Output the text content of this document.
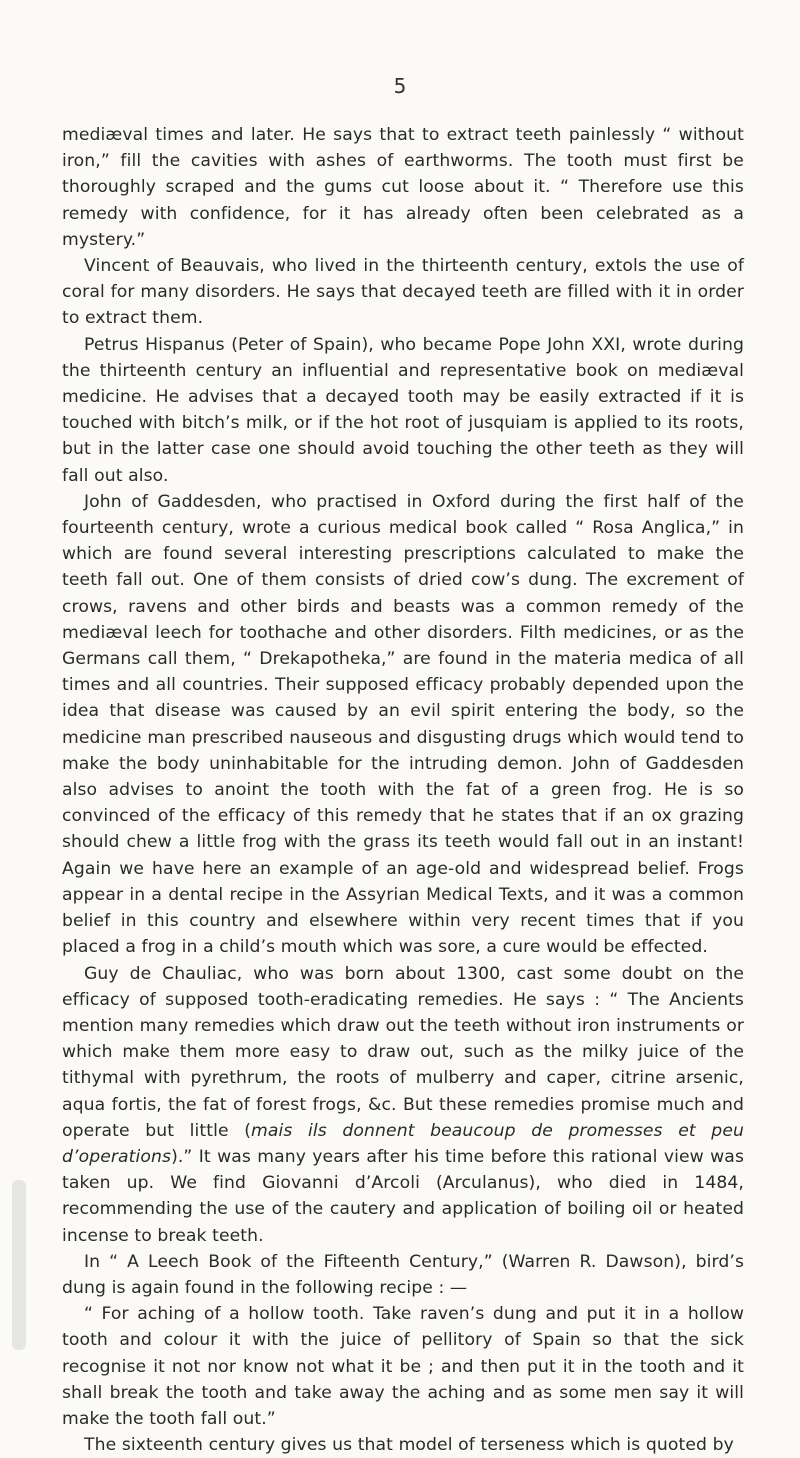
5

mediæval times and later. He says that to extract teeth painlessly “ without iron,” fill the cavities with ashes of earthworms. The tooth must first be thoroughly scraped and the gums cut loose about it. “ Therefore use this remedy with confidence, for it has already often been celebrated as a mystery.”

Vincent of Beauvais, who lived in the thirteenth century, extols the use of coral for many disorders. He says that decayed teeth are filled with it in order to extract them.

Petrus Hispanus (Peter of Spain), who became Pope John XXI, wrote during the thirteenth century an influential and representative book on mediæval medicine. He advises that a decayed tooth may be easily extracted if it is touched with bitch’s milk, or if the hot root of jusquiam is applied to its roots, but in the latter case one should avoid touching the other teeth as they will fall out also.

John of Gaddesden, who practised in Oxford during the first half of the fourteenth century, wrote a curious medical book called “ Rosa Anglica,” in which are found several interesting prescriptions calculated to make the teeth fall out. One of them consists of dried cow’s dung. The excrement of crows, ravens and other birds and beasts was a common remedy of the mediæval leech for toothache and other disorders. Filth medicines, or as the Germans call them, “ Drekapotheka,” are found in the materia medica of all times and all countries. Their supposed efficacy probably depended upon the idea that disease was caused by an evil spirit entering the body, so the medicine man prescribed nauseous and disgusting drugs which would tend to make the body uninhabitable for the intruding demon. John of Gaddesden also advises to anoint the tooth with the fat of a green frog. He is so convinced of the efficacy of this remedy that he states that if an ox grazing should chew a little frog with the grass its teeth would fall out in an instant! Again we have here an example of an age-old and widespread belief. Frogs appear in a dental recipe in the Assyrian Medical Texts, and it was a common belief in this country and elsewhere within very recent times that if you placed a frog in a child’s mouth which was sore, a cure would be effected.

Guy de Chauliac, who was born about 1300, cast some doubt on the efficacy of supposed tooth-eradicating remedies. He says : “ The Ancients mention many remedies which draw out the teeth without iron instruments or which make them more easy to draw out, such as the milky juice of the tithymal with pyrethrum, the roots of mulberry and caper, citrine arsenic, aqua fortis, the fat of forest frogs, &c. But these remedies promise much and operate but little (mais ils donnent beaucoup de promesses et peu d’operations).” It was many years after his time before this rational view was taken up. We find Giovanni d’Arcoli (Arculanus), who died in 1484, recommending the use of the cautery and application of boiling oil or heated incense to break teeth.

In “ A Leech Book of the Fifteenth Century,” (Warren R. Dawson), bird’s dung is again found in the following recipe : —

“ For aching of a hollow tooth. Take raven’s dung and put it in a hollow tooth and colour it with the juice of pellitory of Spain so that the sick recognise it not nor know not what it be ; and then put it in the tooth and it shall break the tooth and take away the aching and as some men say it will make the tooth fall out.”

The sixteenth century gives us that model of terseness which is quoted by
